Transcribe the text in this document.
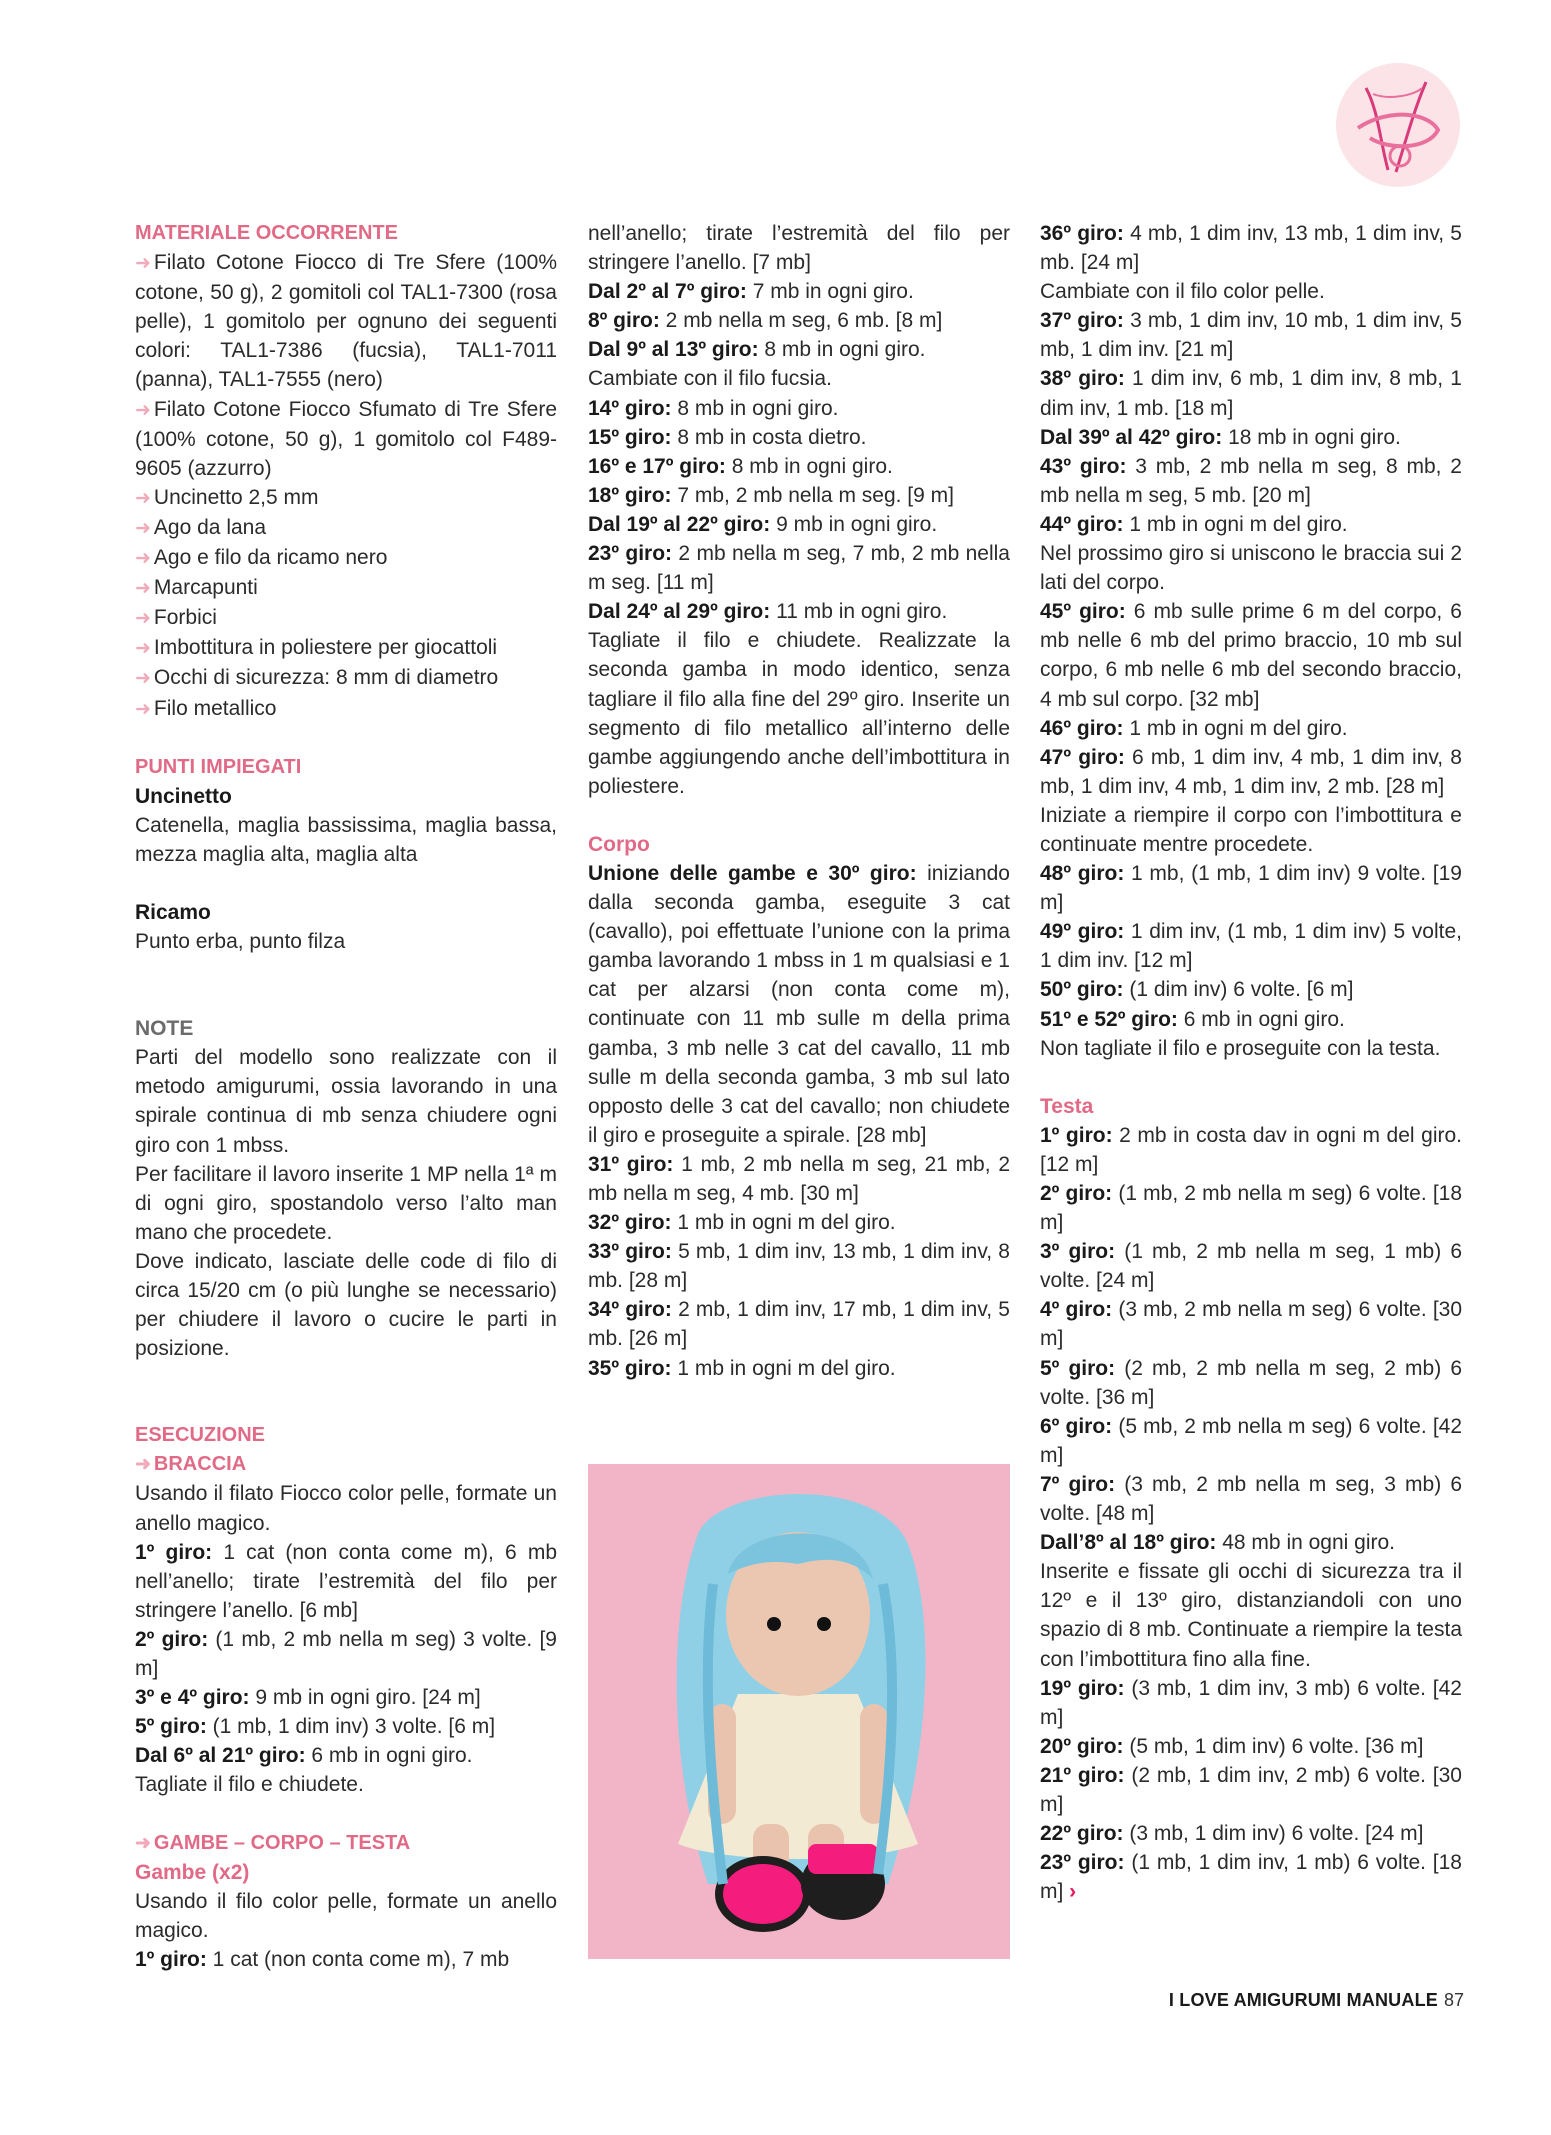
MATERIALE OCCORRENTE

➜ Filato Cotone Fiocco di Tre Sfere (100% cotone, 50 g), 2 gomitoli col TAL1-7300 (rosa pelle), 1 gomitolo per ognuno dei seguenti colori: TAL1-7386 (fucsia), TAL1-7011 (panna), TAL1-7555 (nero)

➜ Filato Cotone Fiocco Sfumato di Tre Sfere (100% cotone, 50 g), 1 gomitolo col F489-9605 (azzurro)

➜ Uncinetto 2,5 mm

➜ Ago da lana

➜ Ago e filo da ricamo nero

➜ Marcapunti

➜ Forbici

➜ Imbottitura in poliestere per giocattoli

➜ Occhi di sicurezza: 8 mm di diametro

➜ Filo metallico

PUNTI IMPIEGATI

Uncinetto

Catenella, maglia bassissima, maglia bassa, mezza maglia alta, maglia alta

Ricamo

Punto erba, punto filza

NOTE

Parti del modello sono realizzate con il metodo amigurumi, ossia lavorando in una spirale continua di mb senza chiudere ogni giro con 1 mbss.

Per facilitare il lavoro inserite 1 MP nella 1ª m di ogni giro, spostandolo verso l’alto man mano che procedete.

Dove indicato, lasciate delle code di filo di circa 15/20 cm (o più lunghe se necessario) per chiudere il lavoro o cucire le parti in posizione.

ESECUZIONE

➜ BRACCIA

Usando il filato Fiocco color pelle, formate un anello magico.

1º giro: 1 cat (non conta come m), 6 mb nell’anello; tirate l’estremità del filo per stringere l’anello. [6 mb]

2º giro: (1 mb, 2 mb nella m seg) 3 volte. [9 m]

3º e 4º giro: 9 mb in ogni giro. [24 m]

5º giro: (1 mb, 1 dim inv) 3 volte. [6 m]

Dal 6º al 21º giro: 6 mb in ogni giro.

Tagliate il filo e chiudete.

➜ GAMBE – CORPO – TESTA

Gambe (x2)

Usando il filo color pelle, formate un anello magico.

1º giro: 1 cat (non conta come m), 7 mb

nell’anello; tirate l’estremità del filo per stringere l’anello. [7 mb]

Dal 2º al 7º giro: 7 mb in ogni giro.

8º giro: 2 mb nella m seg, 6 mb. [8 m]

Dal 9º al 13º giro: 8 mb in ogni giro.

Cambiate con il filo fucsia.

14º giro: 8 mb in ogni giro.

15º giro: 8 mb in costa dietro.

16º e 17º giro: 8 mb in ogni giro.

18º giro: 7 mb, 2 mb nella m seg. [9 m]

Dal 19º al 22º giro: 9 mb in ogni giro.

23º giro: 2 mb nella m seg, 7 mb, 2 mb nella m seg. [11 m]

Dal 24º al 29º giro: 11 mb in ogni giro.

Tagliate il filo e chiudete. Realizzate la seconda gamba in modo identico, senza tagliare il filo alla fine del 29º giro. Inserite un segmento di filo metallico all’interno delle gambe aggiungendo anche dell’imbottitura in poliestere.

Corpo

Unione delle gambe e 30º giro: iniziando dalla seconda gamba, eseguite 3 cat (cavallo), poi effettuate l’unione con la prima gamba lavorando 1 mbss in 1 m qualsiasi e 1 cat per alzarsi (non conta come m), continuate con 11 mb sulle m della prima gamba, 3 mb nelle 3 cat del cavallo, 11 mb sulle m della seconda gamba, 3 mb sul lato opposto delle 3 cat del cavallo; non chiudete il giro e proseguite a spirale. [28 mb]

31º giro: 1 mb, 2 mb nella m seg, 21 mb, 2 mb nella m seg, 4 mb. [30 m]

32º giro: 1 mb in ogni m del giro.

33º giro: 5 mb, 1 dim inv, 13 mb, 1 dim inv, 8 mb. [28 m]

34º giro: 2 mb, 1 dim inv, 17 mb, 1 dim inv, 5 mb. [26 m]

35º giro: 1 mb in ogni m del giro.

36º giro: 4 mb, 1 dim inv, 13 mb, 1 dim inv, 5 mb. [24 m]

Cambiate con il filo color pelle.

37º giro: 3 mb, 1 dim inv, 10 mb, 1 dim inv, 5 mb, 1 dim inv. [21 m]

38º giro: 1 dim inv, 6 mb, 1 dim inv, 8 mb, 1 dim inv, 1 mb. [18 m]

Dal 39º al 42º giro: 18 mb in ogni giro.

43º giro: 3 mb, 2 mb nella m seg, 8 mb, 2 mb nella m seg, 5 mb. [20 m]

44º giro: 1 mb in ogni m del giro.

Nel prossimo giro si uniscono le braccia sui 2 lati del corpo.

45º giro: 6 mb sulle prime 6 m del corpo, 6 mb nelle 6 mb del primo braccio, 10 mb sul corpo, 6 mb nelle 6 mb del secondo braccio, 4 mb sul corpo. [32 mb]

46º giro: 1 mb in ogni m del giro.

47º giro: 6 mb, 1 dim inv, 4 mb, 1 dim inv, 8 mb, 1 dim inv, 4 mb, 1 dim inv, 2 mb. [28 m]

Iniziate a riempire il corpo con l’imbottitura e continuate mentre procedete.

48º giro: 1 mb, (1 mb, 1 dim inv) 9 volte. [19 m]

49º giro: 1 dim inv, (1 mb, 1 dim inv) 5 volte, 1 dim inv. [12 m]

50º giro: (1 dim inv) 6 volte. [6 m]

51º e 52º giro: 6 mb in ogni giro.

Non tagliate il filo e proseguite con la testa.

Testa

1º giro: 2 mb in costa dav in ogni m del giro. [12 m]

2º giro: (1 mb, 2 mb nella m seg) 6 volte. [18 m]

3º giro: (1 mb, 2 mb nella m seg, 1 mb) 6 volte. [24 m]

4º giro: (3 mb, 2 mb nella m seg) 6 volte. [30 m]

5º giro: (2 mb, 2 mb nella m seg, 2 mb) 6 volte. [36 m]

6º giro: (5 mb, 2 mb nella m seg) 6 volte. [42 m]

7º giro: (3 mb, 2 mb nella m seg, 3 mb) 6 volte. [48 m]

Dall’8º al 18º giro: 48 mb in ogni giro.

Inserite e fissate gli occhi di sicurezza tra il 12º e il 13º giro, distanziandoli con uno spazio di 8 mb. Continuate a riempire la testa con l’imbottitura fino alla fine.

19º giro: (3 mb, 1 dim inv, 3 mb) 6 volte. [42 m]

20º giro: (5 mb, 1 dim inv) 6 volte. [36 m]

21º giro: (2 mb, 1 dim inv, 2 mb) 6 volte. [30 m]

22º giro: (3 mb, 1 dim inv) 6 volte. [24 m]

23º giro: (1 mb, 1 dim inv, 1 mb) 6 volte. [18 m] ›

I LOVE AMIGURUMI MANUALE 87
